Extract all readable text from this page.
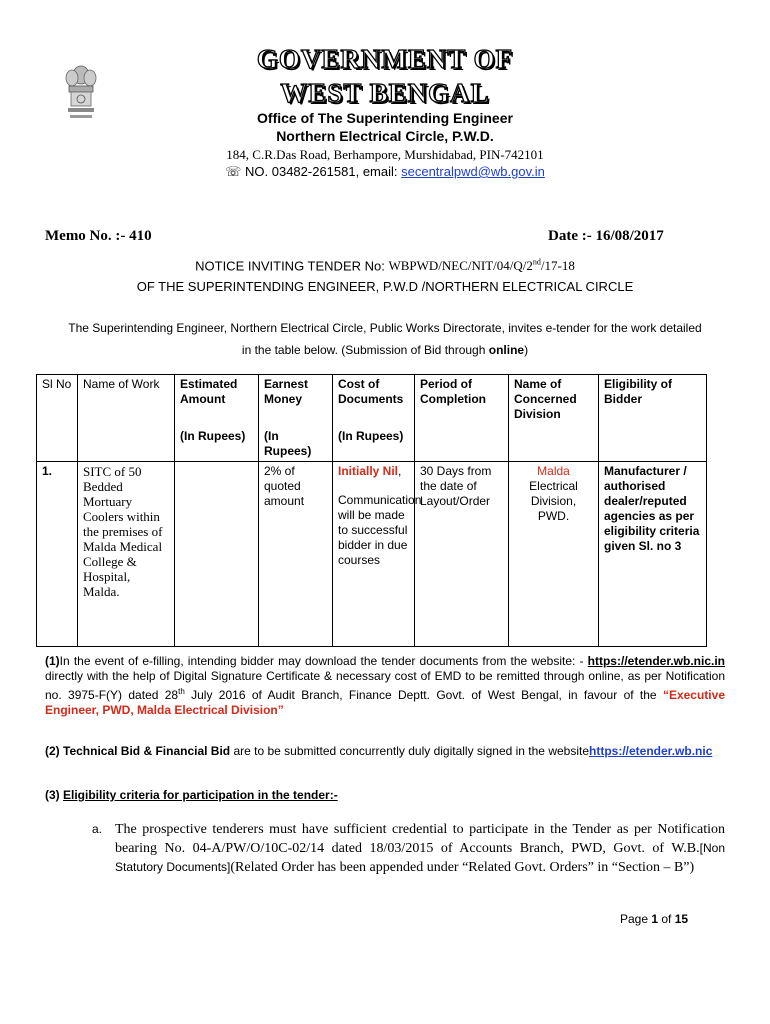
GOVERNMENT OF
WEST BENGAL
Office of The Superintending Engineer
Northern Electrical Circle, P.W.D.
184, C.R.Das Road, Berhampore, Murshidabad, PIN-742101
☏ NO. 03482-261581, email: secentralpwd@wb.gov.in
Memo No. :- 410	Date :- 16/08/2017
NOTICE INVITING TENDER No: WBPWD/NEC/NIT/04/Q/2nd/17-18
OF THE SUPERINTENDING ENGINEER, P.W.D /NORTHERN ELECTRICAL CIRCLE
The Superintending Engineer, Northern Electrical Circle, Public Works Directorate, invites e-tender for the work detailed
in the table below. (Submission of Bid through online)
Sl No	Name of Work	Estimated Amount	Earnest Money	Cost of Documents	Period of Completion	Name of Concerned Division	Eligibility of Bidder
		(In Rupees)	(In Rupees)	(In Rupees)			
1.	SITC of 50 Bedded Mortuary Coolers within the premises of Malda Medical College & Hospital, Malda.		2% of quoted amount	Initially Nil,
Communication will be made to successful bidder in due courses	30 Days from the date of Layout/Order	Malda
Electrical Division, PWD.	Manufacturer / authorised dealer/reputed agencies as per eligibility criteria given Sl. no 3
(1)In the event of e-filling, intending bidder may download the tender documents from the website: - https://etender.wb.nic.in directly with the help of Digital Signature Certificate & necessary cost of EMD to be remitted through online, as per Notification no. 3975-F(Y) dated 28th July 2016 of Audit Branch, Finance Deptt. Govt. of West Bengal, in favour of the “Executive Engineer, PWD, Malda Electrical Division”
(2) Technical Bid & Financial Bid are to be submitted concurrently duly digitally signed in the websitehttps://etender.wb.nic
(3) Eligibility criteria for participation in the tender:-
a. The prospective tenderers must have sufficient credential to participate in the Tender as per Notification bearing No. 04-A/PW/O/10C-02/14 dated 18/03/2015 of Accounts Branch, PWD, Govt. of W.B.[Non Statutory Documents](Related Order has been appended under “Related Govt. Orders” in “Section – B”)
Page 1 of 15
